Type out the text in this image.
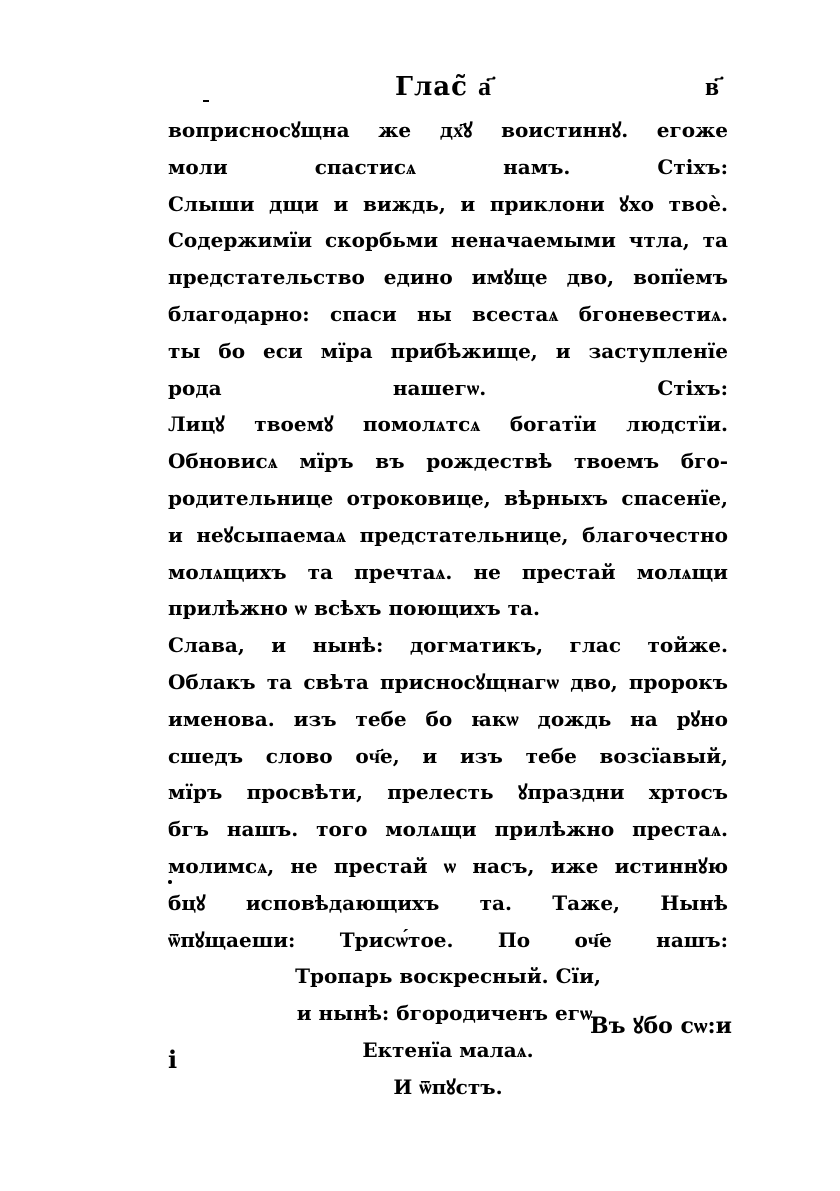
Глас̃ а҃	в҃
воприсносꙋщна же дх҃ꙋ воистиннꙋ. егоже
моли спастисѧ намъ. Стіхъ:
Слыши дщи и виждь, и приклони ꙋхо твоѐ.
Содержимїи скорбьми неначаемыми чтла, та
предстательство едино имꙋще дво, вопїемъ
благодарно: спаси ны всестаѧ бгоневестиѧ.
ты бо еси мїра прибѣжище, и заступленїе
рода нашегѡ. Стіхъ:
Лицꙋ твоемꙋ помолѧтсѧ богатїи людстїи.
Обновисѧ мїръ въ рождествѣ твоемъ бго-
родительнице отроковице, вѣрныхъ спасенїе,
и неꙋсыпаемаѧ предстательнице, благочестно
молѧщихъ та пречтаѧ. не престай молѧщи
прилѣжно ѡ всѣхъ поющихъ та.
Слава, и нынѣ: догматикъ, глас тойже.
Облакъ та свѣта присносꙋщнагѡ дво, пророкъ
именова. изъ тебе бо ꙗкѡ дождь на рꙋно
сшедъ слово оч҃е, и изъ тебе возсїавый,
мїръ просвѣти, прелесть ꙋпраздни хртосъ
бгъ нашъ. того молѧщи прилѣжно престаѧ.
молимсѧ, не престай ѡ насъ, иже истиннꙋю
бцꙋ исповѣдающихъ та. Таже, Нынѣ
ѿпꙋщаеши: Трисѡ́тое. По оч҃е нашъ:
Тропарь воскресный. Сїи,
и нынѣ: бгородиченъ егѡ.
Ектенїа малаѧ.
И ѿпꙋстъ.
Въ ꙋбо сѡ:и
і
